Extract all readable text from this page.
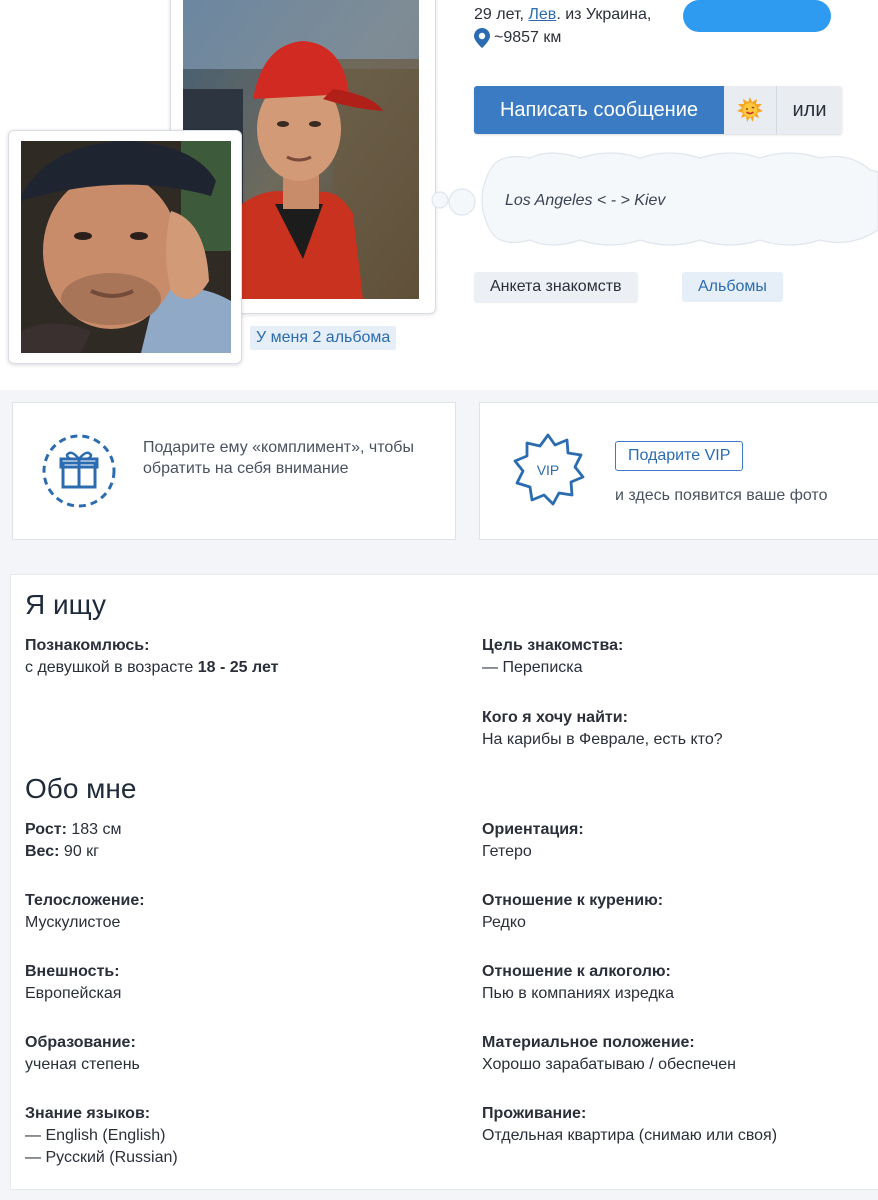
У меня 2 альбома
29 лет, Лев. из Украина,
~9857 км
Написать сообщение	или
Los Angeles < - > Kiev
Анкета знакомств	Альбомы
Подарите ему «комплимент», чтобы обратить на себя внимание	VIP
Подарите VIP
и здесь появится ваше фото
Я ищу
Познакомлюсь:
с девушкой в возрасте 18 - 25 лет
Цель знакомства:
— Переписка
Кого я хочу найти:
На карибы в Феврале, есть кто?
Обо мне
Рост: 183 см
Вес: 90 кг
Телосложение:
Мускулистое
Внешность:
Европейская
Образование:
ученая степень
Знание языков:
— English (English)
— Русский (Russian)
Ориентация:
Гетеро
Отношение к курению:
Редко
Отношение к алкоголю:
Пью в компаниях изредка
Материальное положение:
Хорошо зарабатываю / обеспечен
Проживание:
Отдельная квартира (снимаю или своя)
